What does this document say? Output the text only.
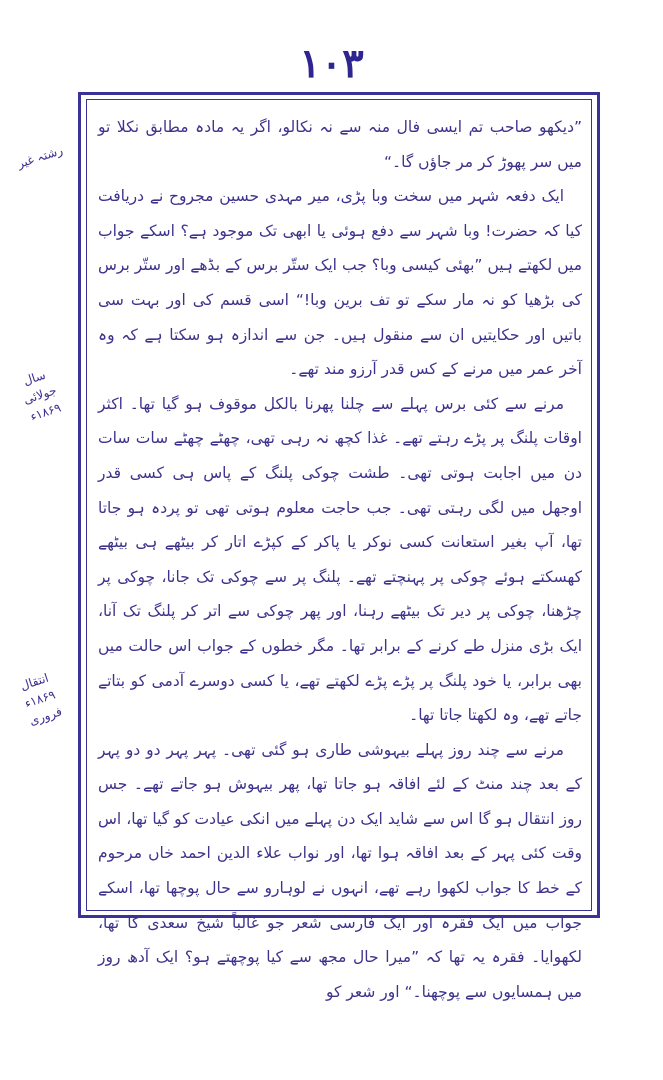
١٠٣
رشتہ غیر
سال جولائی ۱۸۶۹ء
انتقال ۱۸۶۹ء فروری

”دیکھو صاحب تم ایسی فال منہ سے نہ نکالو، اگر یہ مادہ مطابق نکلا تو میں سر پھوڑ کر مر جاؤں گا۔“

ایک دفعہ شہر میں سخت وبا پڑی، میر مہدی حسین مجروح نے دریافت کیا کہ حضرت! وبا شہر سے دفع ہوئی یا ابھی تک موجود ہے؟ اسکے جواب میں لکھتے ہیں ”بھئی کیسی وبا؟ جب ایک ستّر برس کے بڈھے اور ستّر برس کی بڑھیا کو نہ مار سکے تو تف برین وبا!“ اسی قسم کی اور بہت سی باتیں اور حکایتیں ان سے منقول ہیں۔ جن سے اندازہ ہو سکتا ہے کہ وہ آخر عمر میں مرنے کے کس قدر آرزو مند تھے۔

مرنے سے کئی برس پہلے سے چلنا پھرنا بالکل موقوف ہو گیا تھا۔ اکثر اوقات پلنگ پر پڑے رہتے تھے۔ غذا کچھ نہ رہی تھی، چھٹے چھٹے سات سات دن میں اجابت ہوتی تھی۔ طشت چوکی پلنگ کے پاس ہی کسی قدر اوجھل میں لگی رہتی تھی۔ جب حاجت معلوم ہوتی تھی تو پردہ ہو جاتا تھا، آپ بغیر استعانت کسی نوکر یا پاکر کے کپڑے اتار کر بیٹھے ہی بیٹھے کھسکتے ہوئے چوکی پر پہنچتے تھے۔ پلنگ پر سے چوکی تک جانا، چوکی پر چڑھنا، چوکی پر دیر تک بیٹھے رہنا، اور پھر چوکی سے اتر کر پلنگ تک آنا، ایک بڑی منزل طے کرنے کے برابر تھا۔ مگر خطوں کے جواب اس حالت میں بھی برابر، یا خود پلنگ پر پڑے پڑے لکھتے تھے، یا کسی دوسرے آدمی کو بتاتے جاتے تھے، وہ لکھتا جاتا تھا۔

مرنے سے چند روز پہلے بیہوشی طاری ہو گئی تھی۔ پہر پہر دو دو پہر کے بعد چند منٹ کے لئے افاقہ ہو جاتا تھا، پھر بیہوش ہو جاتے تھے۔ جس روز انتقال ہو گا اس سے شاید ایک دن پہلے میں انکی عیادت کو گیا تھا، اس وقت کئی پہر کے بعد افاقہ ہوا تھا، اور نواب علاء الدین احمد خاں مرحوم کے خط کا جواب لکھوا رہے تھے، انہوں نے لوہارو سے حال پوچھا تھا، اسکے جواب میں ایک فقرہ اور ایک فارسی شعر جو غالباً شیخ سعدی کا تھا، لکھوایا۔ فقرہ یہ تھا کہ ”میرا حال مجھ سے کیا پوچھتے ہو؟ ایک آدھ روز میں ہمسایوں سے پوچھنا۔“ اور شعر کو
